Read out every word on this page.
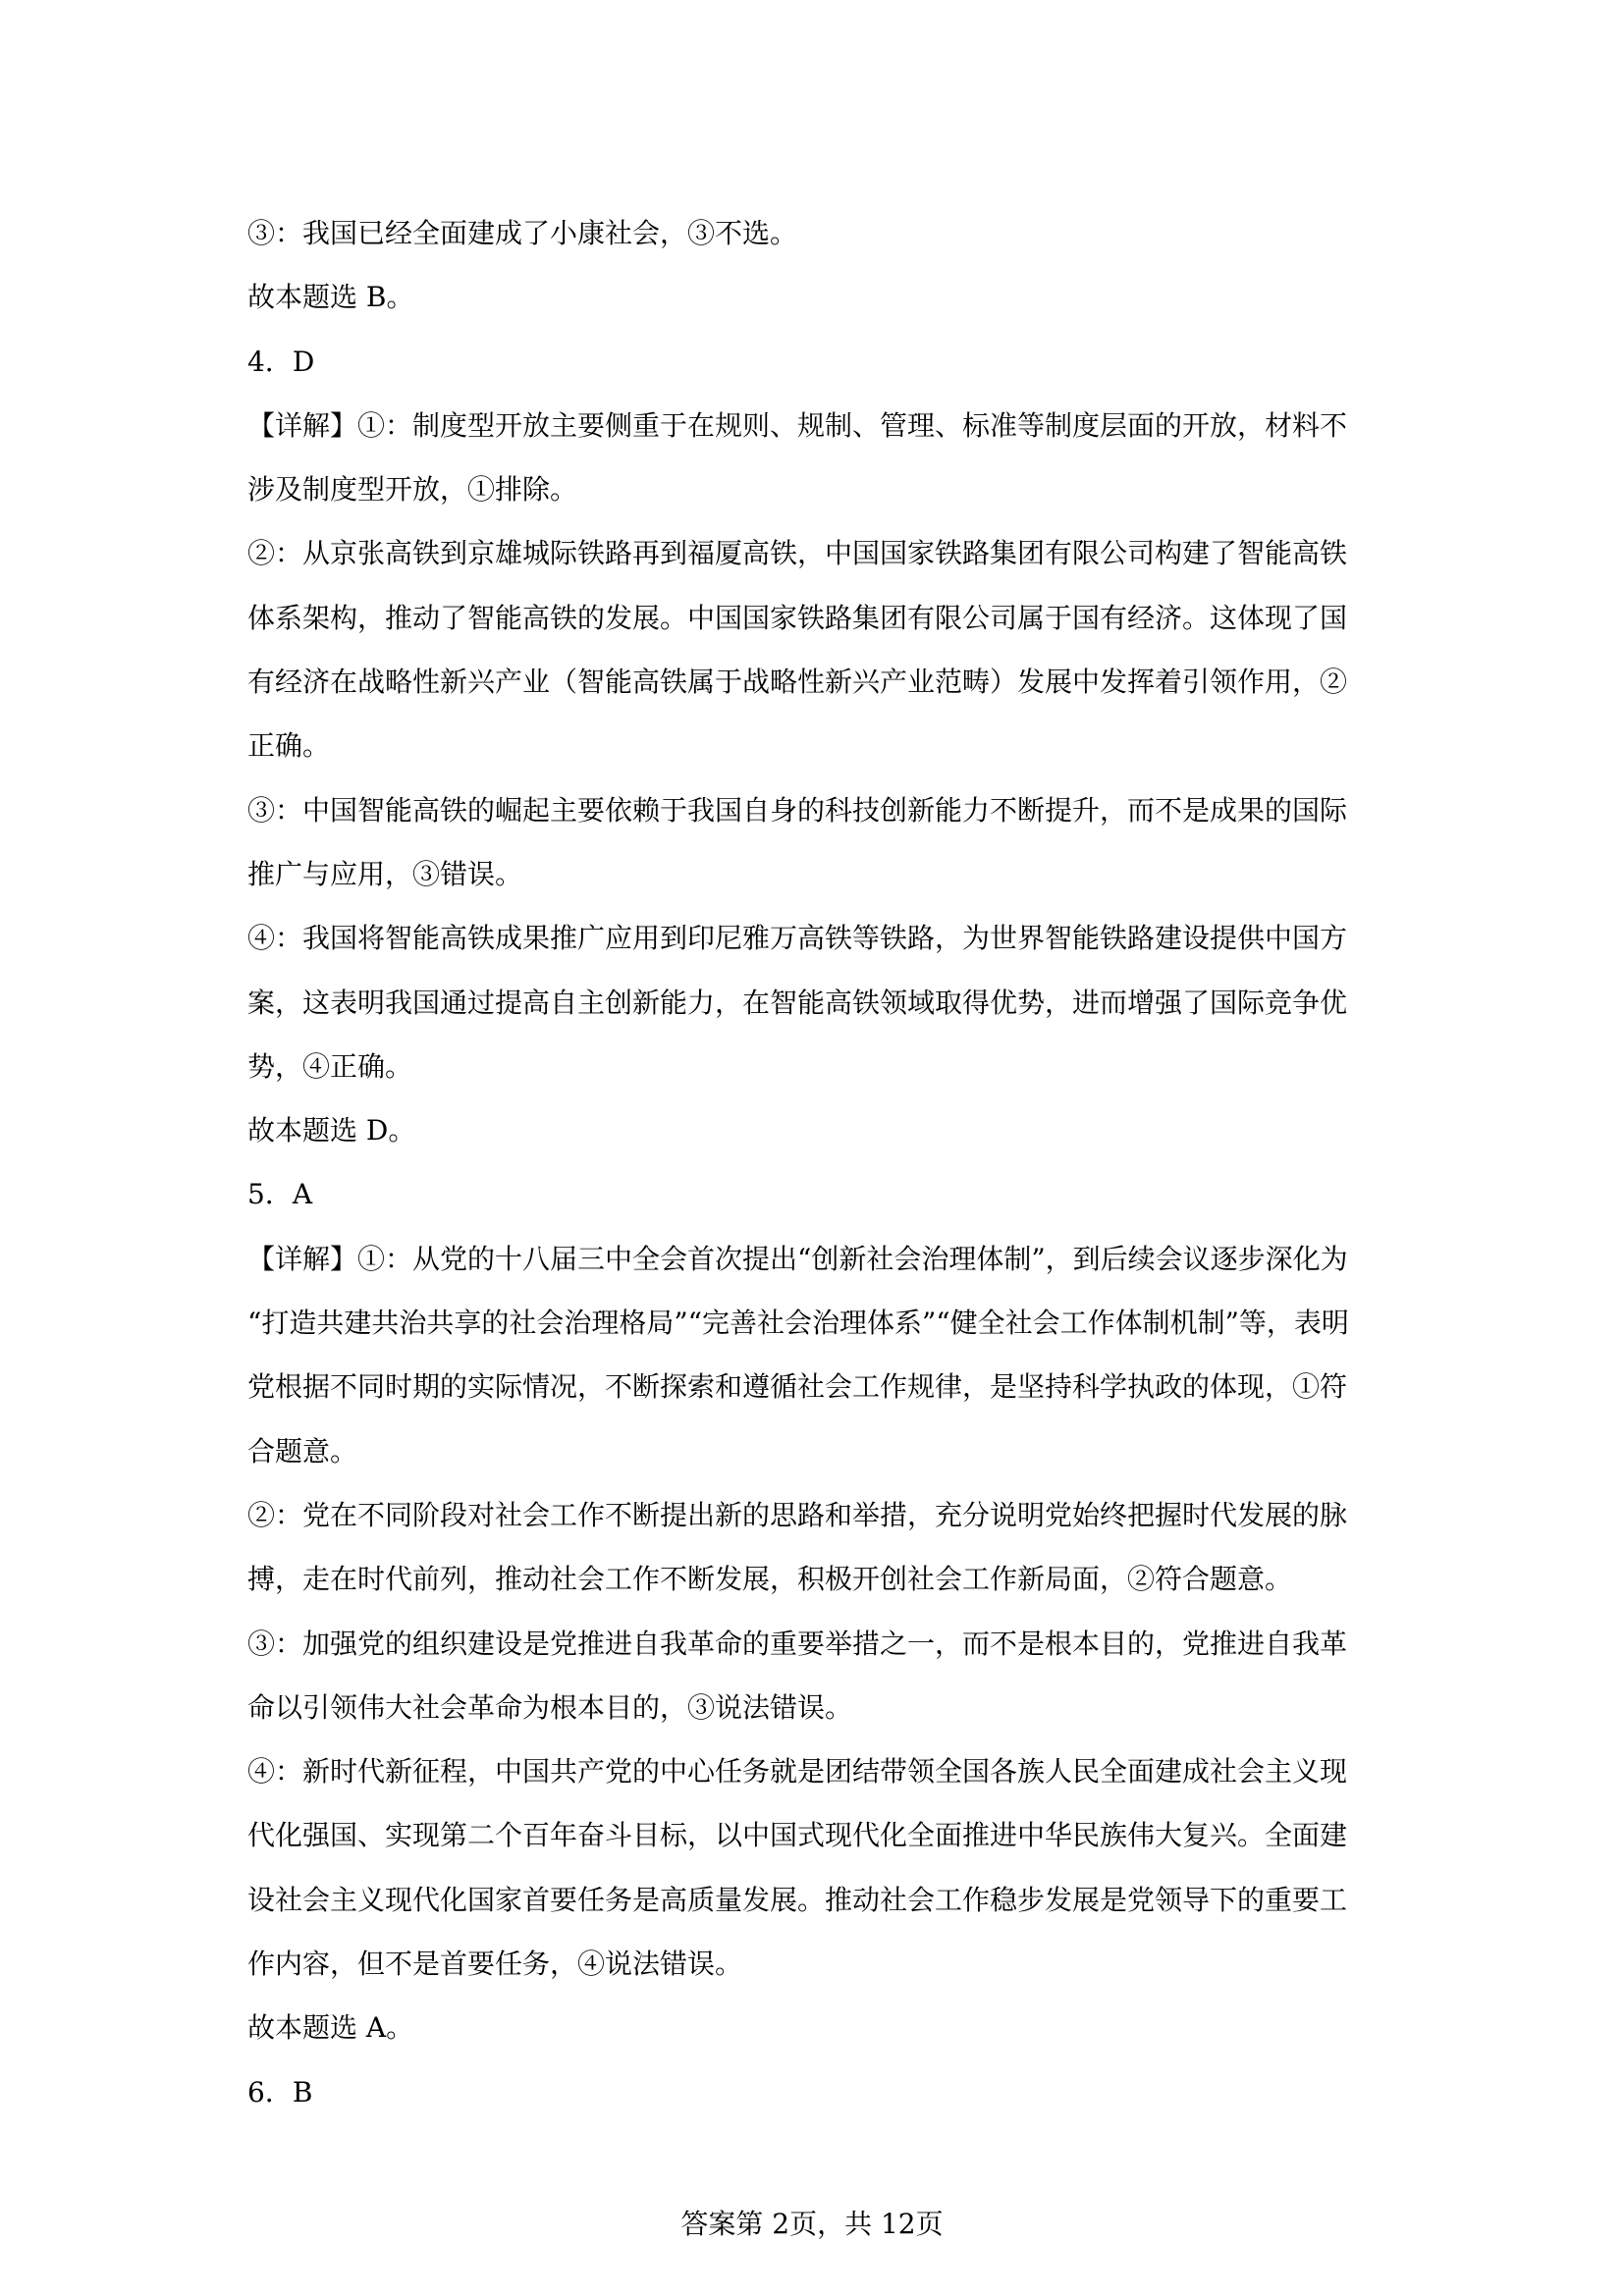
③：我国已经全面建成了小康社会，③不选。
故本题选 B。
4．D
【详解】①：制度型开放主要侧重于在规则、规制、管理、标准等制度层面的开放，材料不
涉及制度型开放，①排除。
②：从京张高铁到京雄城际铁路再到福厦高铁，中国国家铁路集团有限公司构建了智能高铁
体系架构，推动了智能高铁的发展。中国国家铁路集团有限公司属于国有经济。这体现了国
有经济在战略性新兴产业（智能高铁属于战略性新兴产业范畴）发展中发挥着引领作用，②
正确。
③：中国智能高铁的崛起主要依赖于我国自身的科技创新能力不断提升，而不是成果的国际
推广与应用，③错误。
④：我国将智能高铁成果推广应用到印尼雅万高铁等铁路，为世界智能铁路建设提供中国方
案，这表明我国通过提高自主创新能力，在智能高铁领域取得优势，进而增强了国际竞争优
势，④正确。
故本题选 D。
5．A
【详解】①：从党的十八届三中全会首次提出“创新社会治理体制”，到后续会议逐步深化为
“打造共建共治共享的社会治理格局”“完善社会治理体系”“健全社会工作体制机制”等，表明
党根据不同时期的实际情况，不断探索和遵循社会工作规律，是坚持科学执政的体现，①符
合题意。
②：党在不同阶段对社会工作不断提出新的思路和举措，充分说明党始终把握时代发展的脉
搏，走在时代前列，推动社会工作不断发展，积极开创社会工作新局面，②符合题意。
③：加强党的组织建设是党推进自我革命的重要举措之一，而不是根本目的，党推进自我革
命以引领伟大社会革命为根本目的，③说法错误。
④：新时代新征程，中国共产党的中心任务就是团结带领全国各族人民全面建成社会主义现
代化强国、实现第二个百年奋斗目标，以中国式现代化全面推进中华民族伟大复兴。全面建
设社会主义现代化国家首要任务是高质量发展。推动社会工作稳步发展是党领导下的重要工
作内容，但不是首要任务，④说法错误。
故本题选 A。
6．B
答案第 2页，共 12页
